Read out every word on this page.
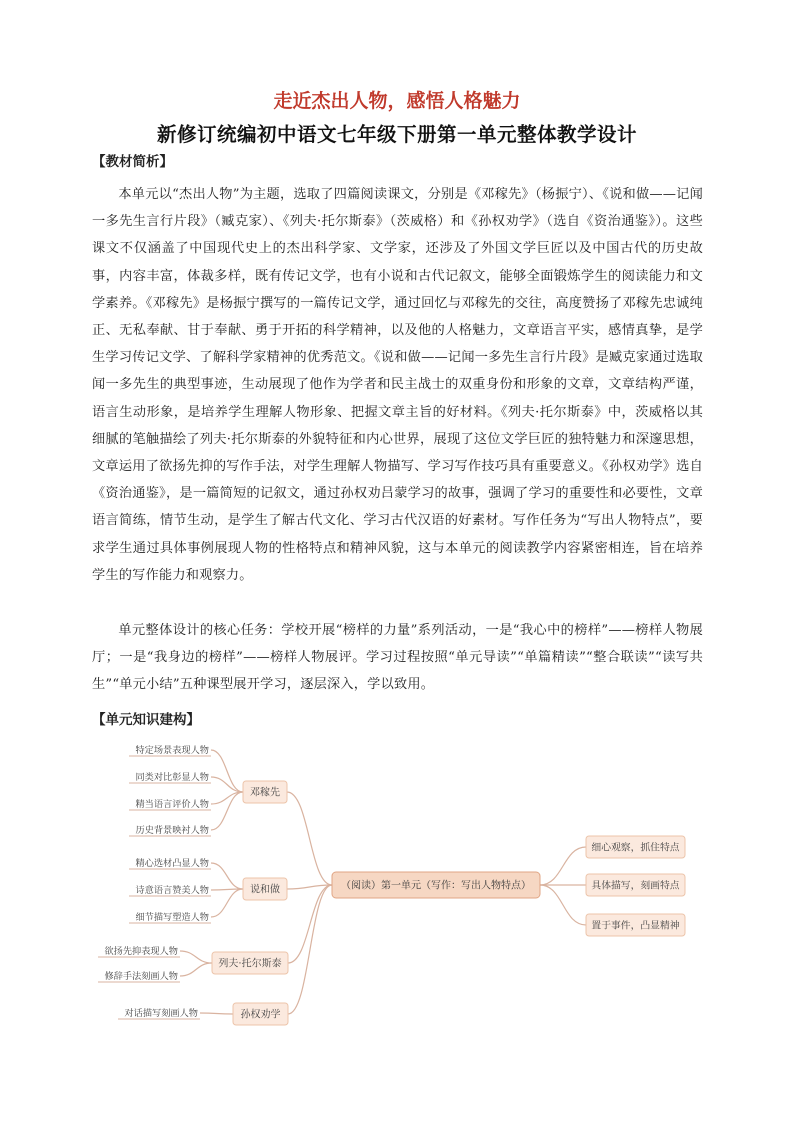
走近杰出人物，感悟人格魅力
新修订统编初中语文七年级下册第一单元整体教学设计
【教材简析】

本单元以“杰出人物”为主题，选取了四篇阅读课文，分别是《邓稼先》（杨振宁）、《说和做——记闻一多先生言行片段》（臧克家）、《列夫·托尔斯泰》（茨威格）和《孙权劝学》（选自《资治通鉴》）。这些课文不仅涵盖了中国现代史上的杰出科学家、文学家，还涉及了外国文学巨匠以及中国古代的历史故事，内容丰富，体裁多样，既有传记文学，也有小说和古代记叙文，能够全面锻炼学生的阅读能力和文学素养。《邓稼先》是杨振宁撰写的一篇传记文学，通过回忆与邓稼先的交往，高度赞扬了邓稼先忠诚纯正、无私奉献、甘于奉献、勇于开拓的科学精神，以及他的人格魅力，文章语言平实，感情真挚，是学生学习传记文学、了解科学家精神的优秀范文。《说和做——记闻一多先生言行片段》是臧克家通过选取闻一多先生的典型事迹，生动展现了他作为学者和民主战士的双重身份和形象的文章，文章结构严谨，语言生动形象，是培养学生理解人物形象、把握文章主旨的好材料。《列夫·托尔斯泰》中，茨威格以其细腻的笔触描绘了列夫·托尔斯泰的外貌特征和内心世界，展现了这位文学巨匠的独特魅力和深邃思想，文章运用了欲扬先抑的写作手法，对学生理解人物描写、学习写作技巧具有重要意义。《孙权劝学》选自《资治通鉴》，是一篇简短的记叙文，通过孙权劝吕蒙学习的故事，强调了学习的重要性和必要性，文章语言简练，情节生动，是学生了解古代文化、学习古代汉语的好素材。写作任务为“写出人物特点”，要求学生通过具体事例展现人物的性格特点和精神风貌，这与本单元的阅读教学内容紧密相连，旨在培养学生的写作能力和观察力。

单元整体设计的核心任务：学校开展“榜样的力量”系列活动，一是“我心中的榜样”——榜样人物展厅；一是“我身边的榜样”——榜样人物展评。学习过程按照“单元导读”“单篇精读”“整合联读”“读写共生”“单元小结”五种课型展开学习，逐层深入，学以致用。

【单元知识建构】
特定场景表现人物
同类对比彰显人物
精当语言评价人物
历史背景映衬人物
邓稼先
精心选材凸显人物
诗意语言赞美人物
细节描写塑造人物
说和做
欲扬先抑表现人物
修辞手法刻画人物
列夫·托尔斯泰
对话描写刻画人物	孙权劝学
细心观察，抓住特点
具体描写，刻画特点
置于事件，凸显精神
（阅读）第一单元（写作：写出人物特点）
